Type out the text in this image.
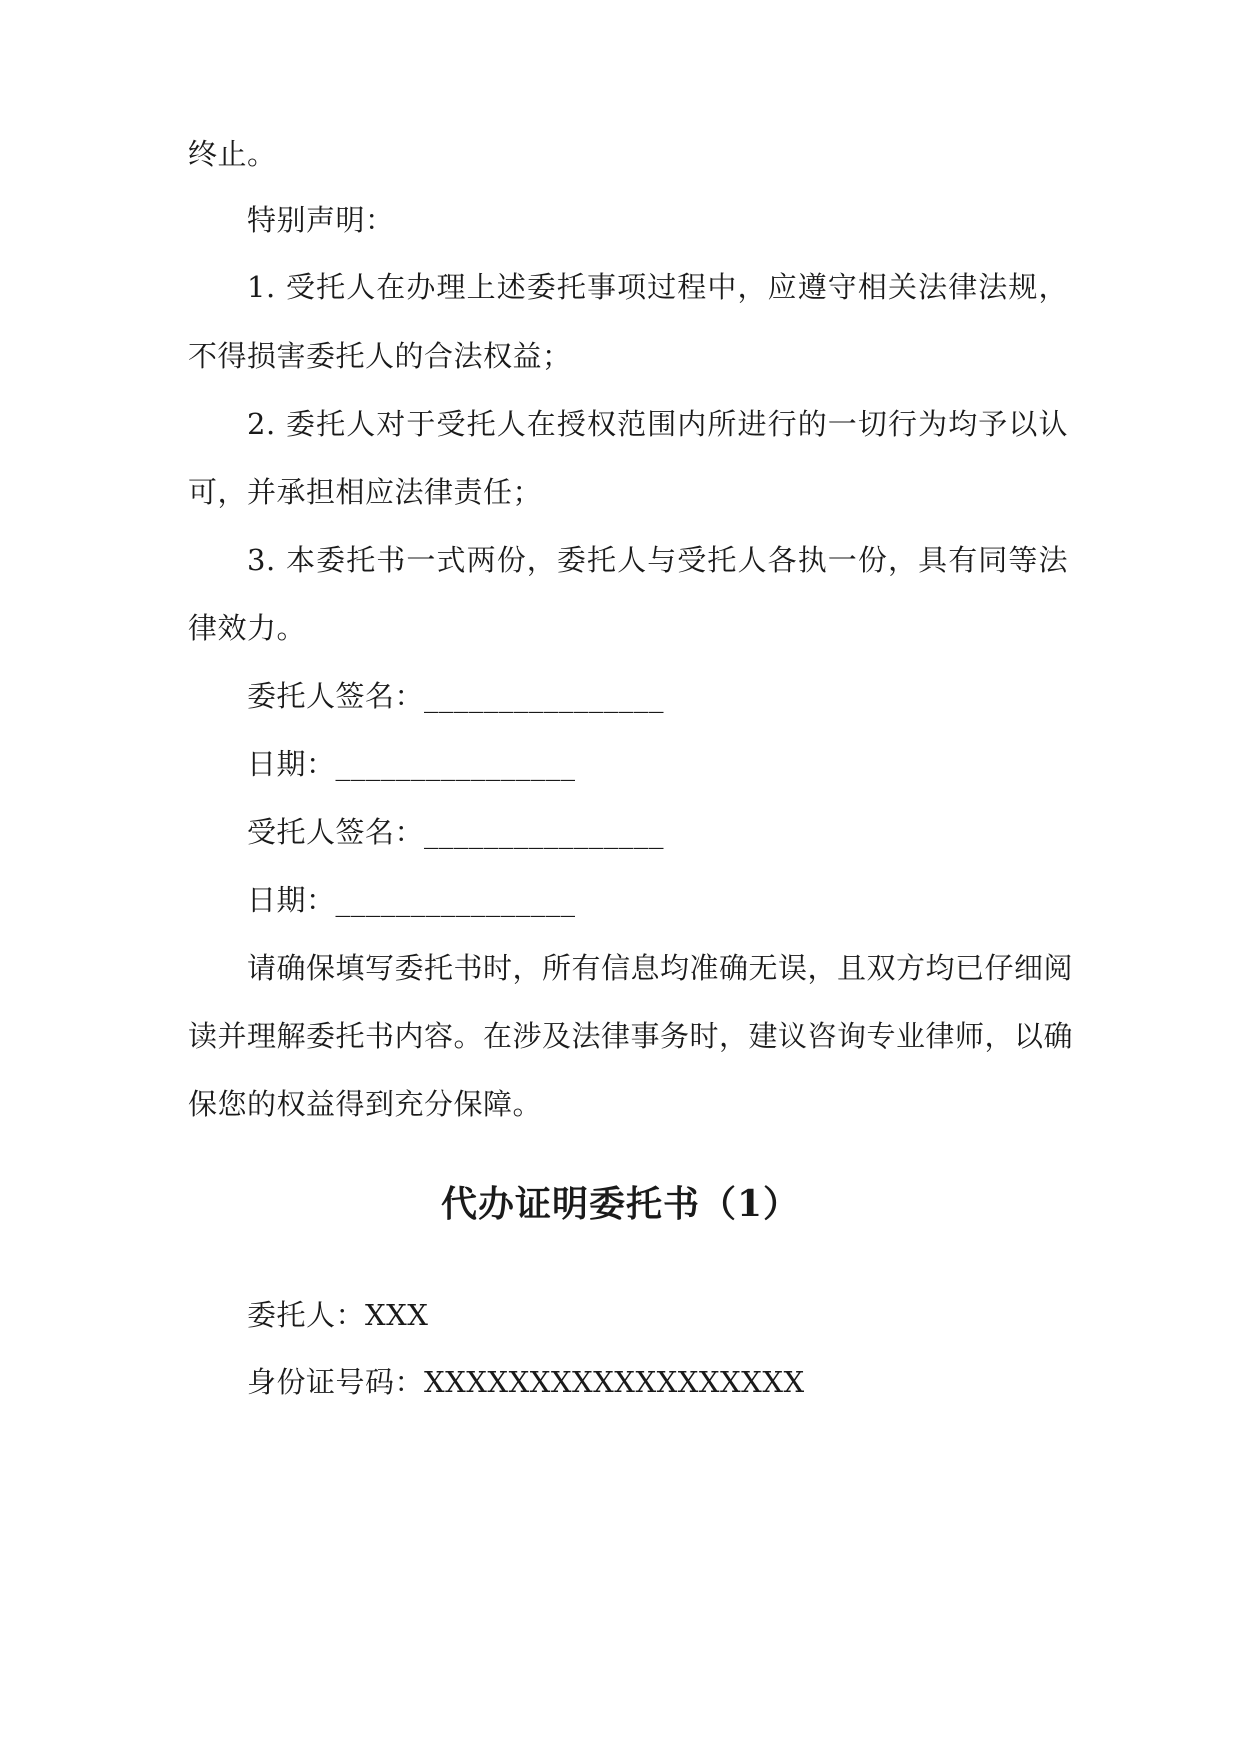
终止。
特别声明：
1. 受托人在办理上述委托事项过程中，应遵守相关法律法规，
不得损害委托人的合法权益；
2. 委托人对于受托人在授权范围内所进行的一切行为均予以认
可，并承担相应法律责任；
3. 本委托书一式两份，委托人与受托人各执一份，具有同等法
律效力。
委托人签名：________________
日期：________________
受托人签名：________________
日期：________________
请确保填写委托书时，所有信息均准确无误，且双方均已仔细阅
读并理解委托书内容。在涉及法律事务时，建议咨询专业律师，以确
保您的权益得到充分保障。
代办证明委托书（1）
委托人：XXX
身份证号码：XXXXXXXXXXXXXXXXXX
